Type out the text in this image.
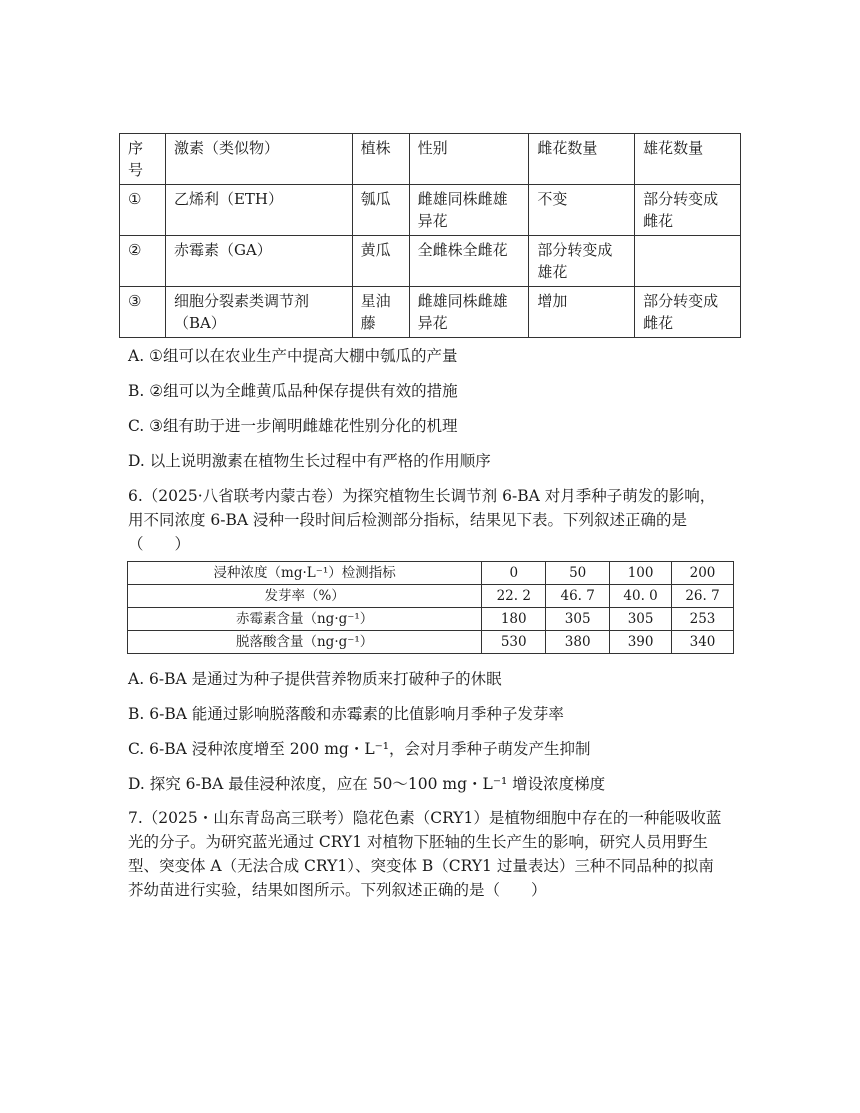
序号	激素（类似物）	植株	性别	雌花数量	雄花数量
①	乙烯利（ETH）	瓠瓜	雌雄同株雌雄异花	不变	部分转变成雌花
②	赤霉素（GA）	黄瓜	全雌株全雌花	部分转变成雄花	
③	细胞分裂素类调节剂（BA）	星油藤	雌雄同株雌雄异花	增加	部分转变成雌花
A. ①组可以在农业生产中提高大棚中瓠瓜的产量
B. ②组可以为全雌黄瓜品种保存提供有效的措施
C. ③组有助于进一步阐明雌雄花性别分化的机理
D. 以上说明激素在植物生长过程中有严格的作用顺序

6.（2025·八省联考内蒙古卷）为探究植物生长调节剂 6-BA 对月季种子萌发的影响，用不同浓度 6-BA 浸种一段时间后检测部分指标，结果见下表。下列叙述正确的是（　　）

浸种浓度（mg·L⁻¹）检测指标	0	50	100	200
发芽率（%）	22. 2	46. 7	40. 0	26. 7
赤霉素含量（ng·g⁻¹）	180	305	305	253
脱落酸含量（ng·g⁻¹）	530	380	390	340
A. 6-BA 是通过为种子提供营养物质来打破种子的休眠
B. 6-BA 能通过影响脱落酸和赤霉素的比值影响月季种子发芽率
C. 6-BA 浸种浓度增至 200 mg・L⁻¹，会对月季种子萌发产生抑制
D. 探究 6-BA 最佳浸种浓度，应在 50～100 mg・L⁻¹ 增设浓度梯度

7.（2025・山东青岛高三联考）隐花色素（CRY1）是植物细胞中存在的一种能吸收蓝光的分子。为研究蓝光通过 CRY1 对植物下胚轴的生长产生的影响，研究人员用野生型、突变体 A（无法合成 CRY1）、突变体 B（CRY1 过量表达）三种不同品种的拟南芥幼苗进行实验，结果如图所示。下列叙述正确的是（　　）
